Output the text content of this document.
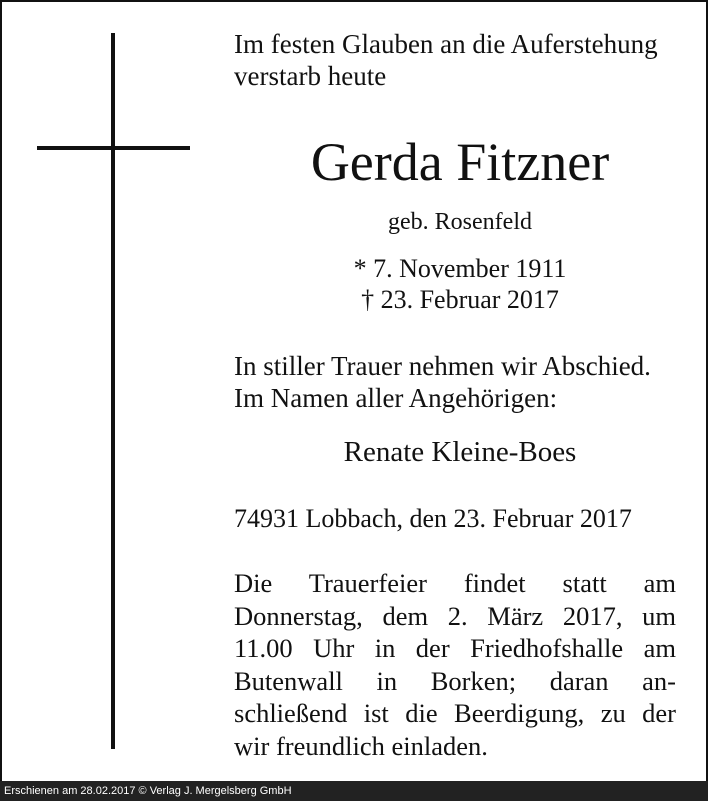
Im festen Glauben an die Auferstehung
verstarb heute
Gerda Fitzner
geb. Rosenfeld
* 7. November 1911
† 23. Februar 2017
In stiller Trauer nehmen wir Abschied.
Im Namen aller Angehörigen:
Renate Kleine-Boes
74931 Lobbach, den 23. Februar 2017
Die Trauerfeier findet statt am
Donnerstag, dem 2. März 2017, um
11.00 Uhr in der Friedhofshalle am
Butenwall in Borken; daran an-
schließend ist die Beerdigung, zu der
wir freundlich einladen.
Erschienen am 28.02.2017 © Verlag J. Mergelsberg GmbH
